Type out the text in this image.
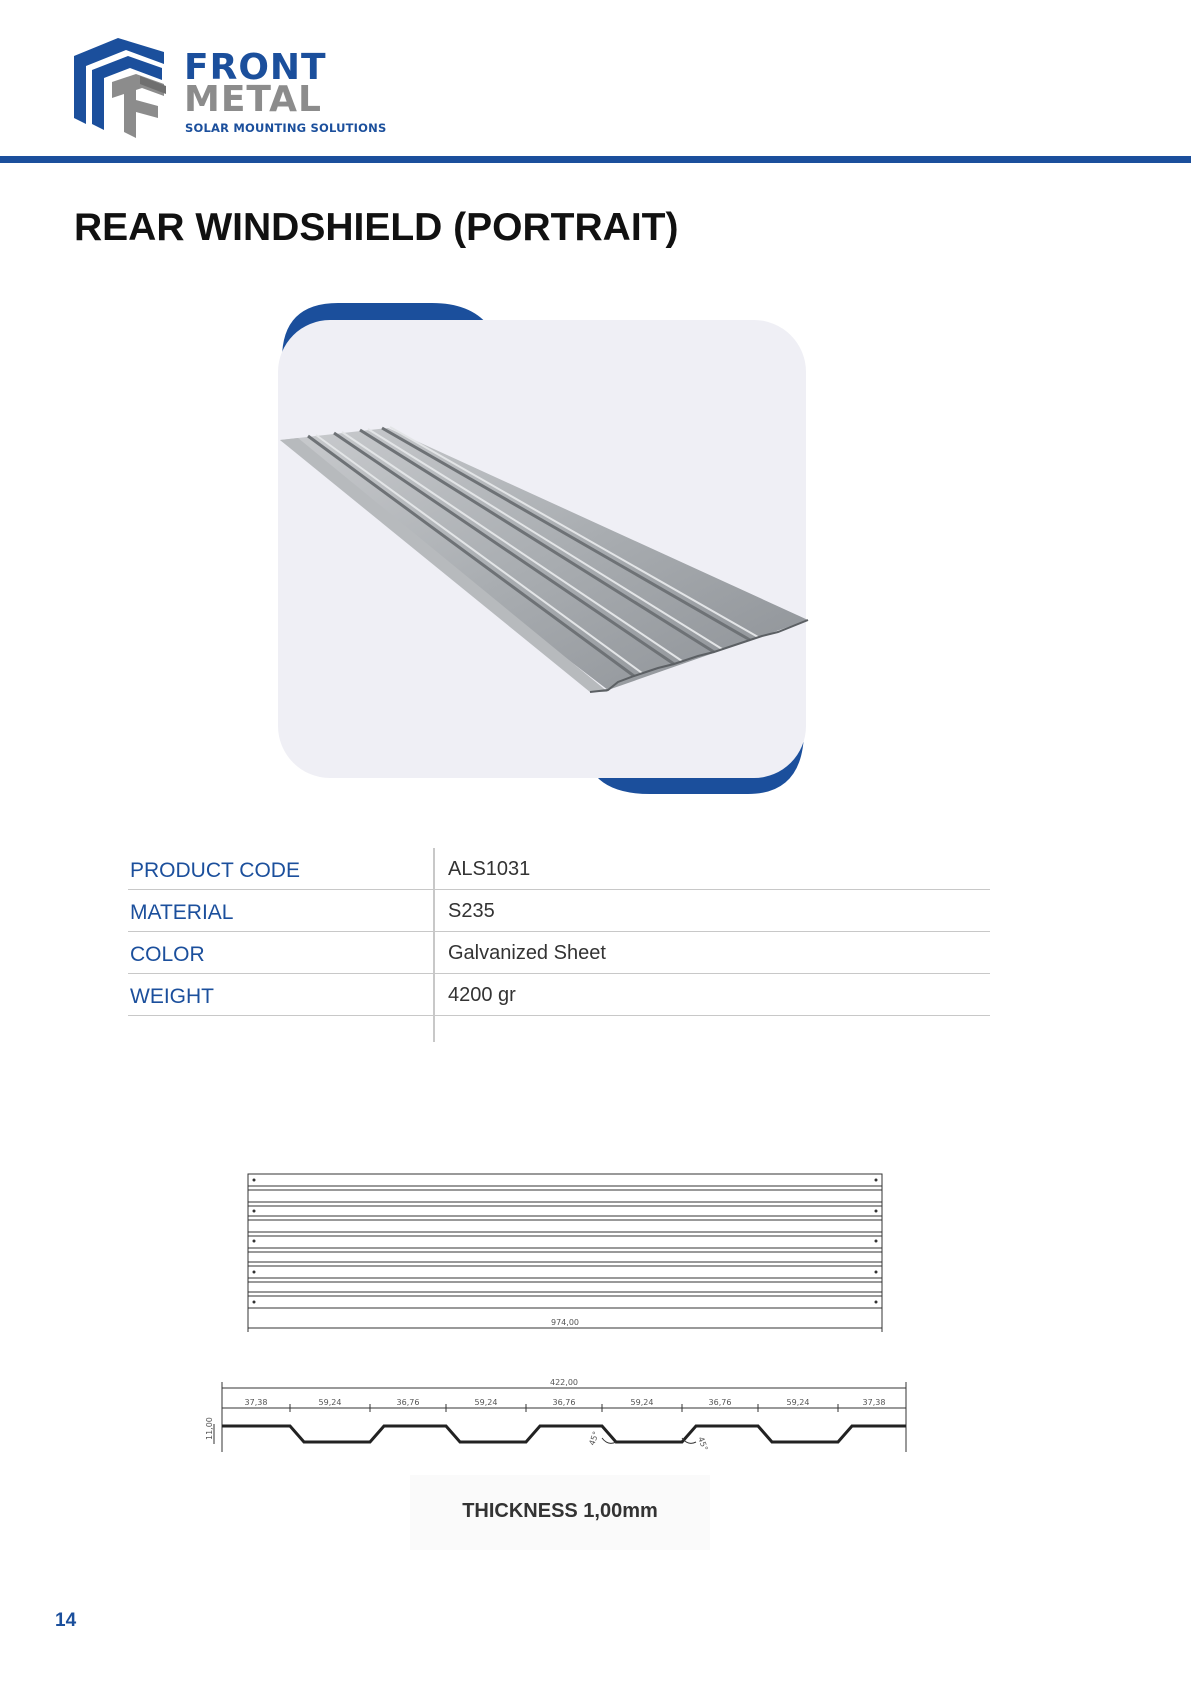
FRONT
METAL
SOLAR MOUNTING SOLUTIONS
REAR WINDSHIELD (PORTRAIT)
PRODUCT CODE	ALS1031
MATERIAL	S235
COLOR	Galvanized Sheet
WEIGHT	4200 gr
974,00
422,00
11,00
37,38	59,24	36,76	59,24	36,76	59,24	36,76	59,24	37,38
45°	45°
THICKNESS 1,00mm
14
